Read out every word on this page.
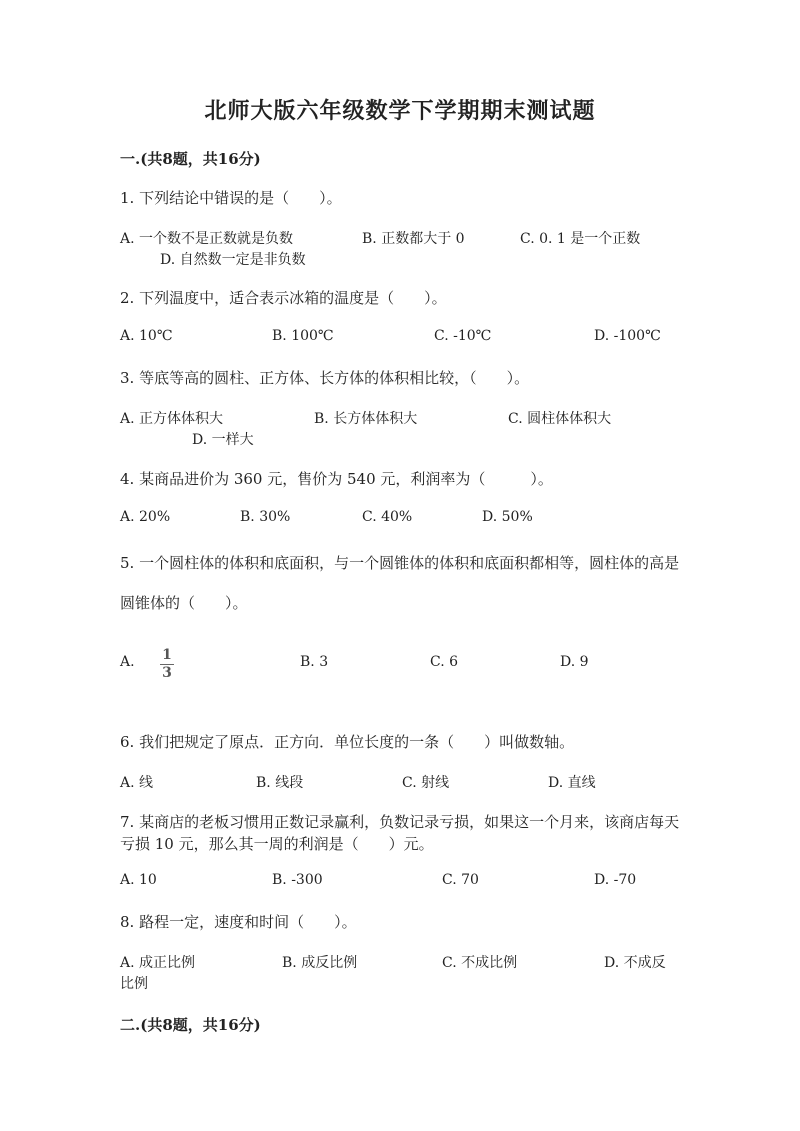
北师大版六年级数学下学期期末测试题
一.(共8题，共16分)
1. 下列结论中错误的是（　　）。
A. 一个数不是正数就是负数	B. 正数都大于 0	C. 0. 1 是一个正数
D. 自然数一定是非负数
2. 下列温度中，适合表示冰箱的温度是（　　）。
A. 10℃	B. 100℃	C. -10℃	D. -100℃
3. 等底等高的圆柱、正方体、长方体的体积相比较，（　　）。
A. 正方体体积大	B. 长方体体积大	C. 圆柱体体积大
D. 一样大
4. 某商品进价为 360 元，售价为 540 元，利润率为（　　　）。
A. 20%	B. 30%	C. 40%	D. 50%
5. 一个圆柱体的体积和底面积，与一个圆锥体的体积和底面积都相等，圆柱体的高是圆锥体的（　　）。
A. 1
3
B. 3	C. 6	D. 9
6. 我们把规定了原点．正方向．单位长度的一条（　　）叫做数轴。
A. 线	B. 线段	C. 射线	D. 直线
7. 某商店的老板习惯用正数记录赢利，负数记录亏损，如果这一个月来，该商店每天亏损 10 元，那么其一周的利润是（　　）元。
A. 10	B. -300	C. 70	D. -70
8. 路程一定，速度和时间（　　）。
A. 成正比例	B. 成反比例	C. 不成比例	D. 不成反
比例
二.(共8题，共16分)
